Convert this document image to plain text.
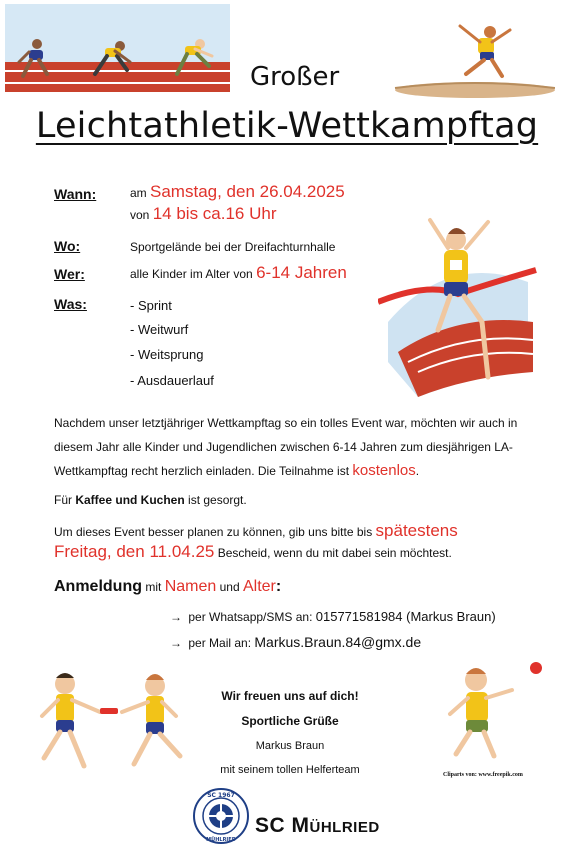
Großer
Leichtathletik-Wettkampftag
Wann:	am Samstag, den 26.04.2025
von 14 bis ca.16 Uhr
Wo:	Sportgelände bei der Dreifachturnhalle
Wer:	alle Kinder im Alter von 6-14 Jahren
Was:	- Sprint
- Weitwurf
- Weitsprung
- Ausdauerlauf
Nachdem unser letztjähriger Wettkampftag so ein tolles Event war, möchten wir auch in diesem Jahr alle Kinder und Jugendlichen zwischen 6-14 Jahren zum diesjährigen LA-Wettkampftag recht herzlich einladen. Die Teilnahme ist kostenlos.
Für Kaffee und Kuchen ist gesorgt.
Um dieses Event besser planen zu können, gib uns bitte bis spätestens
Freitag, den 11.04.25 Bescheid, wenn du mit dabei sein möchtest.
Anmeldung mit Namen und Alter:
→ per Whatsapp/SMS an: 015771581984 (Markus Braun)
→ per Mail an: Markus.Braun.84@gmx.de
Wir freuen uns auf dich!
Sportliche Grüße
Markus Braun
mit seinem tollen Helferteam	Cliparts von: www.freepik.com
SC 1967
MÜHLRIED
SC Mühlried
